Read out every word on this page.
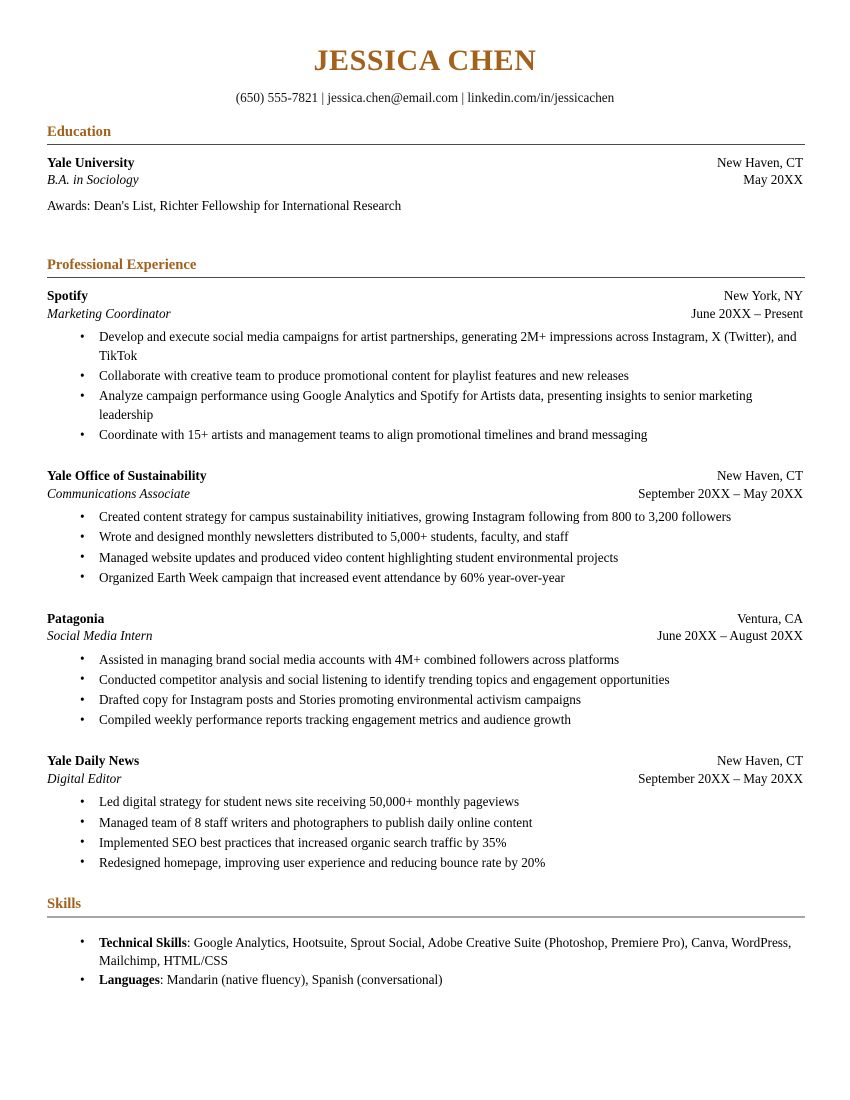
JESSICA CHEN
(650) 555-7821 | jessica.chen@email.com | linkedin.com/in/jessicachen
Education
Yale University	New Haven, CT
B.A. in Sociology	May 20XX
Awards: Dean's List, Richter Fellowship for International Research
Professional Experience
Spotify	New York, NY
Marketing Coordinator	June 20XX – Present
• Develop and execute social media campaigns for artist partnerships, generating 2M+ impressions across Instagram, X (Twitter), and TikTok
• Collaborate with creative team to produce promotional content for playlist features and new releases
• Analyze campaign performance using Google Analytics and Spotify for Artists data, presenting insights to senior marketing leadership
• Coordinate with 15+ artists and management teams to align promotional timelines and brand messaging
Yale Office of Sustainability	New Haven, CT
Communications Associate	September 20XX – May 20XX
• Created content strategy for campus sustainability initiatives, growing Instagram following from 800 to 3,200 followers
• Wrote and designed monthly newsletters distributed to 5,000+ students, faculty, and staff
• Managed website updates and produced video content highlighting student environmental projects
• Organized Earth Week campaign that increased event attendance by 60% year-over-year
Patagonia	Ventura, CA
Social Media Intern	June 20XX – August 20XX
• Assisted in managing brand social media accounts with 4M+ combined followers across platforms
• Conducted competitor analysis and social listening to identify trending topics and engagement opportunities
• Drafted copy for Instagram posts and Stories promoting environmental activism campaigns
• Compiled weekly performance reports tracking engagement metrics and audience growth
Yale Daily News	New Haven, CT
Digital Editor	September 20XX – May 20XX
• Led digital strategy for student news site receiving 50,000+ monthly pageviews
• Managed team of 8 staff writers and photographers to publish daily online content
• Implemented SEO best practices that increased organic search traffic by 35%
• Redesigned homepage, improving user experience and reducing bounce rate by 20%
Skills
• Technical Skills: Google Analytics, Hootsuite, Sprout Social, Adobe Creative Suite (Photoshop, Premiere Pro), Canva, WordPress, Mailchimp, HTML/CSS
• Languages: Mandarin (native fluency), Spanish (conversational)
